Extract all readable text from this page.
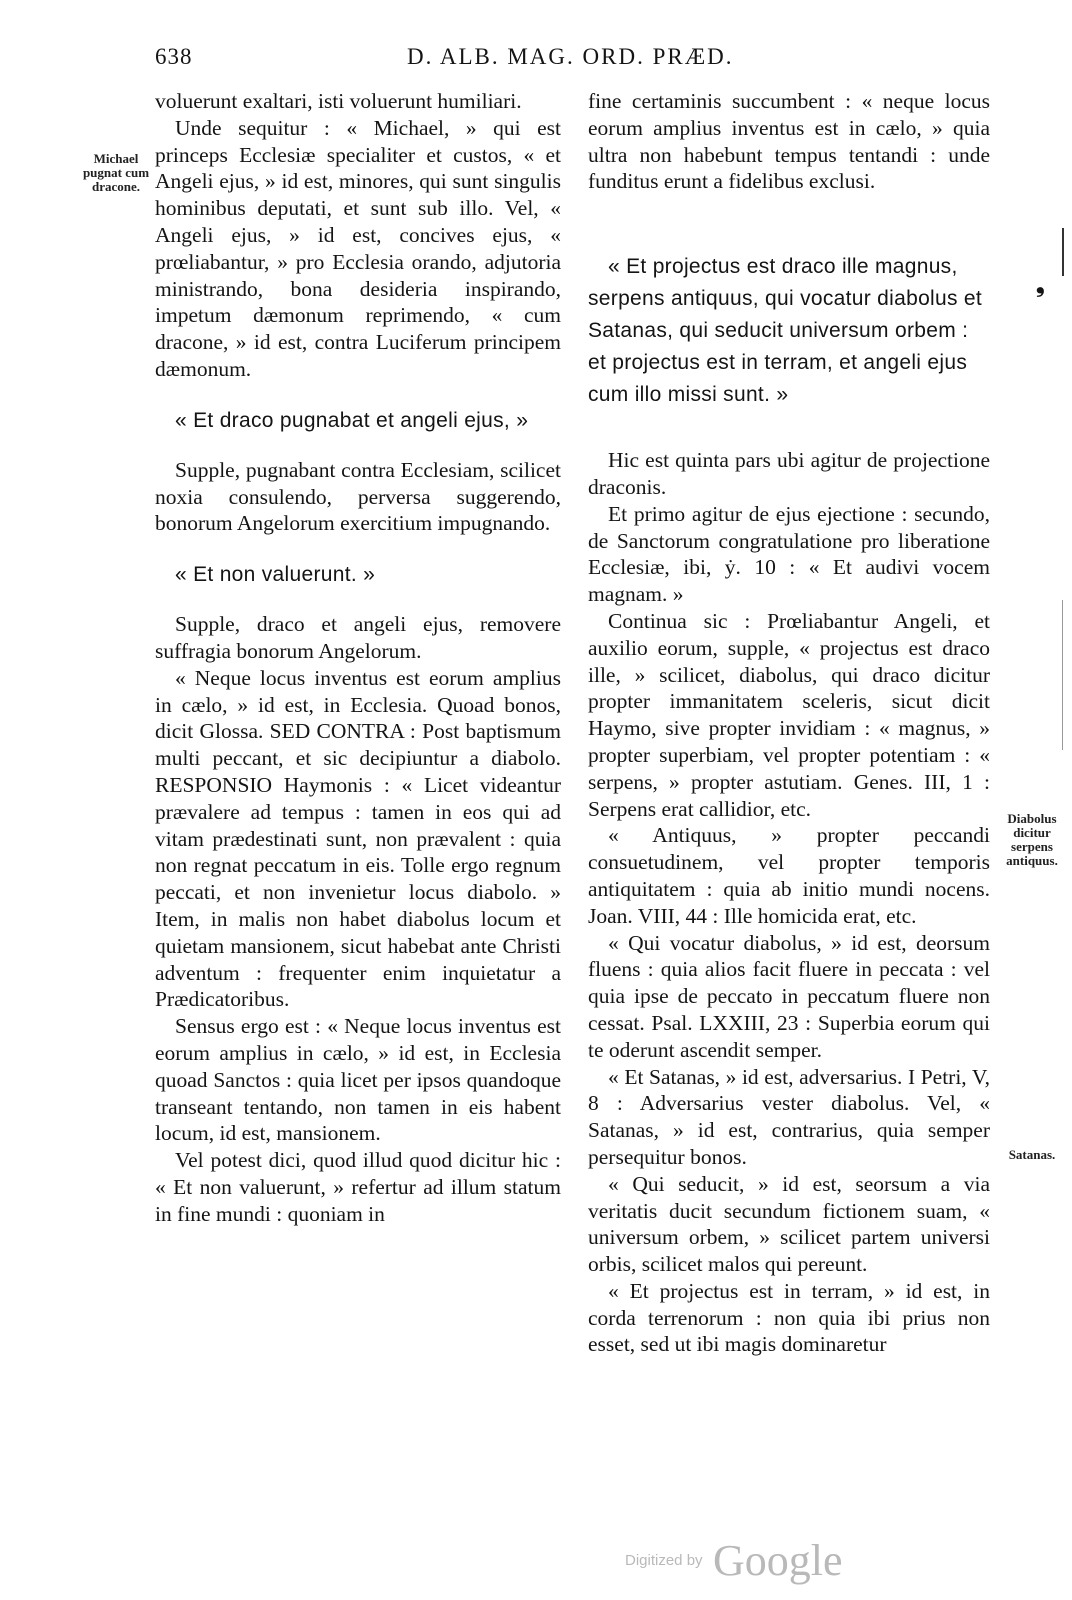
638	D. ALB. MAG. ORD. PRÆD.
Michael pugnat cum dracone.
Diabolus dicitur serpens antiquus.
Satanas.
❟

voluerunt exaltari, isti voluerunt humiliari.

Unde sequitur : « Michael, » qui est princeps Ecclesiæ specialiter et custos, « et Angeli ejus, » id est, minores, qui sunt singulis hominibus deputati, et sunt sub illo. Vel, « Angeli ejus, » id est, concives ejus, « prœliabantur, » pro Ecclesia orando, adjutoria ministrando, bona desideria inspirando, impetum dæmonum reprimendo, « cum dracone, » id est, contra Luciferum principem dæmonum.

« Et draco pugnabat et angeli ejus, »

Supple, pugnabant contra Ecclesiam, scilicet noxia consulendo, perversa suggerendo, bonorum Angelorum exercitium impugnando.

« Et non valuerunt. »

Supple, draco et angeli ejus, removere suffragia bonorum Angelorum.

« Neque locus inventus est eorum amplius in cælo, » id est, in Ecclesia. Quoad bonos, dicit Glossa. SED CONTRA : Post baptismum multi peccant, et sic decipiuntur a diabolo. RESPONSIO Haymonis : « Licet videantur prævalere ad tempus : tamen in eos qui ad vitam prædestinati sunt, non prævalent : quia non regnat peccatum in eis. Tolle ergo regnum peccati, et non invenietur locus diabolo. » Item, in malis non habet diabolus locum et quietam mansionem, sicut habebat ante Christi adventum : frequenter enim inquietatur a Prædicatoribus.

Sensus ergo est : « Neque locus inventus est eorum amplius in cælo, » id est, in Ecclesia quoad Sanctos : quia licet per ipsos quandoque transeant tentando, non tamen in eis habent locum, id est, mansionem.

Vel potest dici, quod illud quod dicitur hic : « Et non valuerunt, » refertur ad illum statum in fine mundi : quoniam in

fine certaminis succumbent : « neque locus eorum amplius inventus est in cælo, » quia ultra non habebunt tempus tentandi : unde funditus erunt a fidelibus exclusi.

« Et projectus est draco ille magnus, serpens antiquus, qui vocatur diabolus et Satanas, qui seducit universum orbem : et projectus est in terram, et angeli ejus cum illo missi sunt. »

Hic est quinta pars ubi agitur de projectione draconis.

Et primo agitur de ejus ejectione : secundo, de Sanctorum congratulatione pro liberatione Ecclesiæ, ibi, ẏ. 10 : « Et audivi vocem magnam. »

Continua sic : Prœliabantur Angeli, et auxilio eorum, supple, « projectus est draco ille, » scilicet, diabolus, qui draco dicitur propter immanitatem sceleris, sicut dicit Haymo, sive propter invidiam : « magnus, » propter superbiam, vel propter potentiam : « serpens, » propter astutiam. Genes. III, 1 : Serpens erat callidior, etc.

« Antiquus, » propter peccandi consuetudinem, vel propter temporis antiquitatem : quia ab initio mundi nocens. Joan. VIII, 44 : Ille homicida erat, etc.

« Qui vocatur diabolus, » id est, deorsum fluens : quia alios facit fluere in peccata : vel quia ipse de peccato in peccatum fluere non cessat. Psal. LXXIII, 23 : Superbia eorum qui te oderunt ascendit semper.

« Et Satanas, » id est, adversarius. I Petri, V, 8 : Adversarius vester diabolus. Vel, « Satanas, » id est, contrarius, quia semper persequitur bonos.

« Qui seducit, » id est, seorsum a via veritatis ducit secundum fictionem suam, « universum orbem, » scilicet partem universi orbis, scilicet malos qui pereunt.

« Et projectus est in terram, » id est, in corda terrenorum : non quia ibi prius non esset, sed ut ibi magis dominaretur

Digitized by Google
